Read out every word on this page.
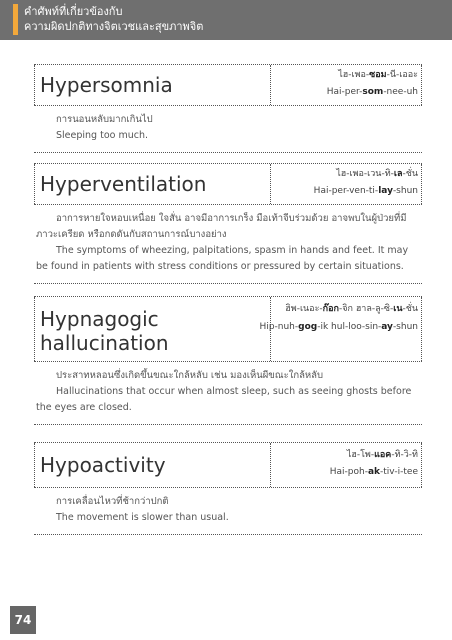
คำศัพท์ที่เกี่ยวข้องกับ
ความผิดปกติทางจิตเวชและสุขภาพจิต
Hypersomnia	ไฮ-เพอ-ซอม-นี-เออะ
Hai-per-som-nee-uh

การนอนหลับมากเกินไป

Sleeping too much.

Hyperventilation	ไฮ-เพอ-เวน-ทิ-เล-ชั่น
Hai-per-ven-ti-lay-shun

อาการหายใจหอบเหนื่อย ใจสั่น อาจมีอาการเกร็ง มือเท้าจีบร่วมด้วย อาจพบในผู้ป่วยที่มีภาวะเครียด หรือกดดันกับสถานการณ์บางอย่าง

The symptoms of wheezing, palpitations, spasm in hands and feet. It may be found in patients with stress conditions or pressured by certain situations.

Hypnagogic hallucination
ฮิพ-เนอะ-ก๊อก-จิก ฮาล-ลู-ซิ-เน-ชั่น
Hip-nuh-gog-ik hul-loo-sin-ay-shun

ประสาทหลอนซึ่งเกิดขึ้นขณะใกล้หลับ เช่น มองเห็นผีขณะใกล้หลับ

Hallucinations that occur when almost sleep, such as seeing ghosts before the eyes are closed.

Hypoactivity	ไฮ-โพ-แอค-ทิ-วิ-ทิ
Hai-poh-ak-tiv-i-tee

การเคลื่อนไหวที่ช้ากว่าปกติ

The movement is slower than usual.

74
